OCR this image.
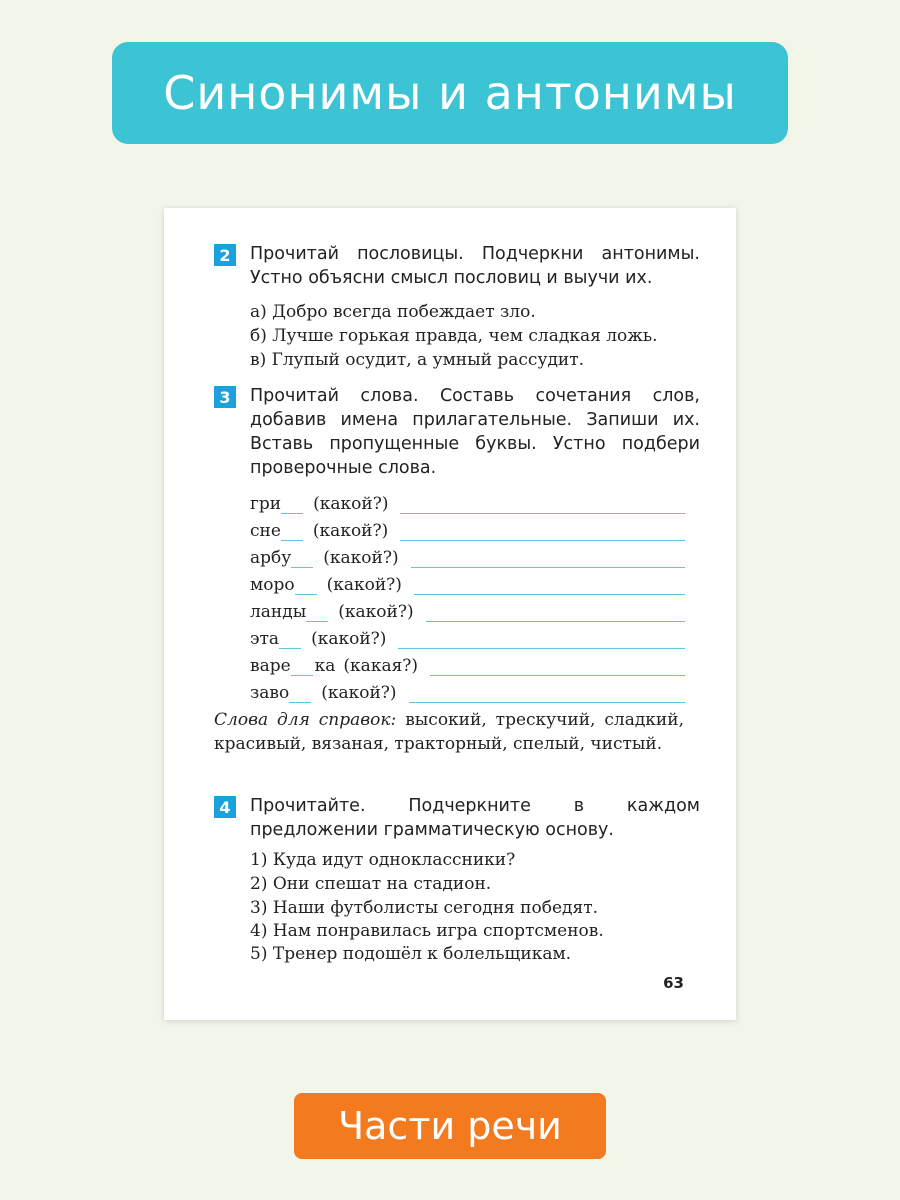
Синонимы и антонимы
2	Прочитай пословицы. Подчеркни антонимы. Устно объясни смысл пословиц и выучи их.
а) Добро всегда побеждает зло.
б) Лучше горькая правда, чем сладкая ложь.
в) Глупый осудит, а умный рассудит.
3	Прочитай слова. Составь сочетания слов, добавив имена прилагательные. Запиши их. Вставь пропущенные буквы. Устно подбери проверочные слова.
гри (какой?)
сне (какой?)
арбу (какой?)
моро (какой?)
ланды (какой?)
эта (какой?)
варе ка (какая?)
заво (какой?)
Слова для справок: высокий, трескучий, сладкий, красивый, вязаная, тракторный, спелый, чистый.
4	Прочитайте. Подчеркните в каждом предложении грамматическую основу.
1) Куда идут одноклассники?
2) Они спешат на стадион.
3) Наши футболисты сегодня победят.
4) Нам понравилась игра спортсменов.
5) Тренер подошёл к болельщикам.
63
Части речи
